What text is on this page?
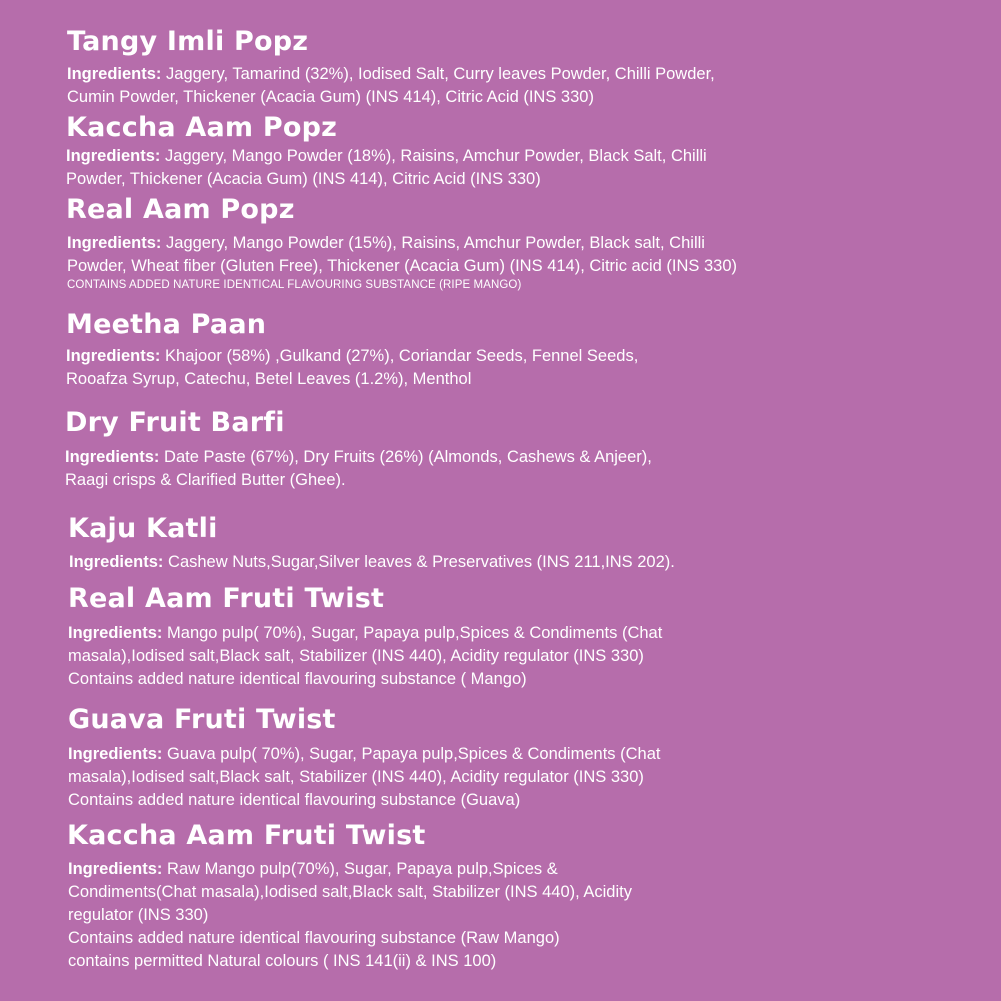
Tangy Imli Popz
Ingredients: Jaggery, Tamarind (32%), Iodised Salt, Curry leaves Powder, Chilli Powder,
Cumin Powder, Thickener (Acacia Gum) (INS 414), Citric Acid (INS 330)
Kaccha Aam Popz
Ingredients: Jaggery, Mango Powder (18%), Raisins, Amchur Powder, Black Salt, Chilli
Powder, Thickener (Acacia Gum) (INS 414), Citric Acid (INS 330)
Real Aam Popz
Ingredients: Jaggery, Mango Powder (15%), Raisins, Amchur Powder, Black salt, Chilli
Powder, Wheat fiber (Gluten Free), Thickener (Acacia Gum) (INS 414), Citric acid (INS 330)
CONTAINS ADDED NATURE IDENTICAL FLAVOURING SUBSTANCE (RIPE MANGO)
Meetha Paan
Ingredients: Khajoor (58%) ,Gulkand (27%), Coriandar Seeds, Fennel Seeds,
Rooafza Syrup, Catechu, Betel Leaves (1.2%), Menthol
Dry Fruit Barfi
Ingredients: Date Paste (67%), Dry Fruits (26%) (Almonds, Cashews & Anjeer),
Raagi crisps & Clarified Butter (Ghee).
Kaju Katli
Ingredients: Cashew Nuts,Sugar,Silver leaves & Preservatives (INS 211,INS 202).
Real Aam Fruti Twist
Ingredients: Mango pulp( 70%), Sugar, Papaya pulp,Spices & Condiments (Chat
masala),Iodised salt,Black salt, Stabilizer (INS 440), Acidity regulator (INS 330)
Contains added nature identical flavouring substance ( Mango)
Guava Fruti Twist
Ingredients: Guava pulp( 70%), Sugar, Papaya pulp,Spices & Condiments (Chat
masala),Iodised salt,Black salt, Stabilizer (INS 440), Acidity regulator (INS 330)
Contains added nature identical flavouring substance (Guava)
Kaccha Aam Fruti Twist
Ingredients: Raw Mango pulp(70%), Sugar, Papaya pulp,Spices &
Condiments(Chat masala),Iodised salt,Black salt, Stabilizer (INS 440), Acidity
regulator (INS 330)
Contains added nature identical flavouring substance (Raw Mango)
contains permitted Natural colours ( INS 141(ii) & INS 100)
